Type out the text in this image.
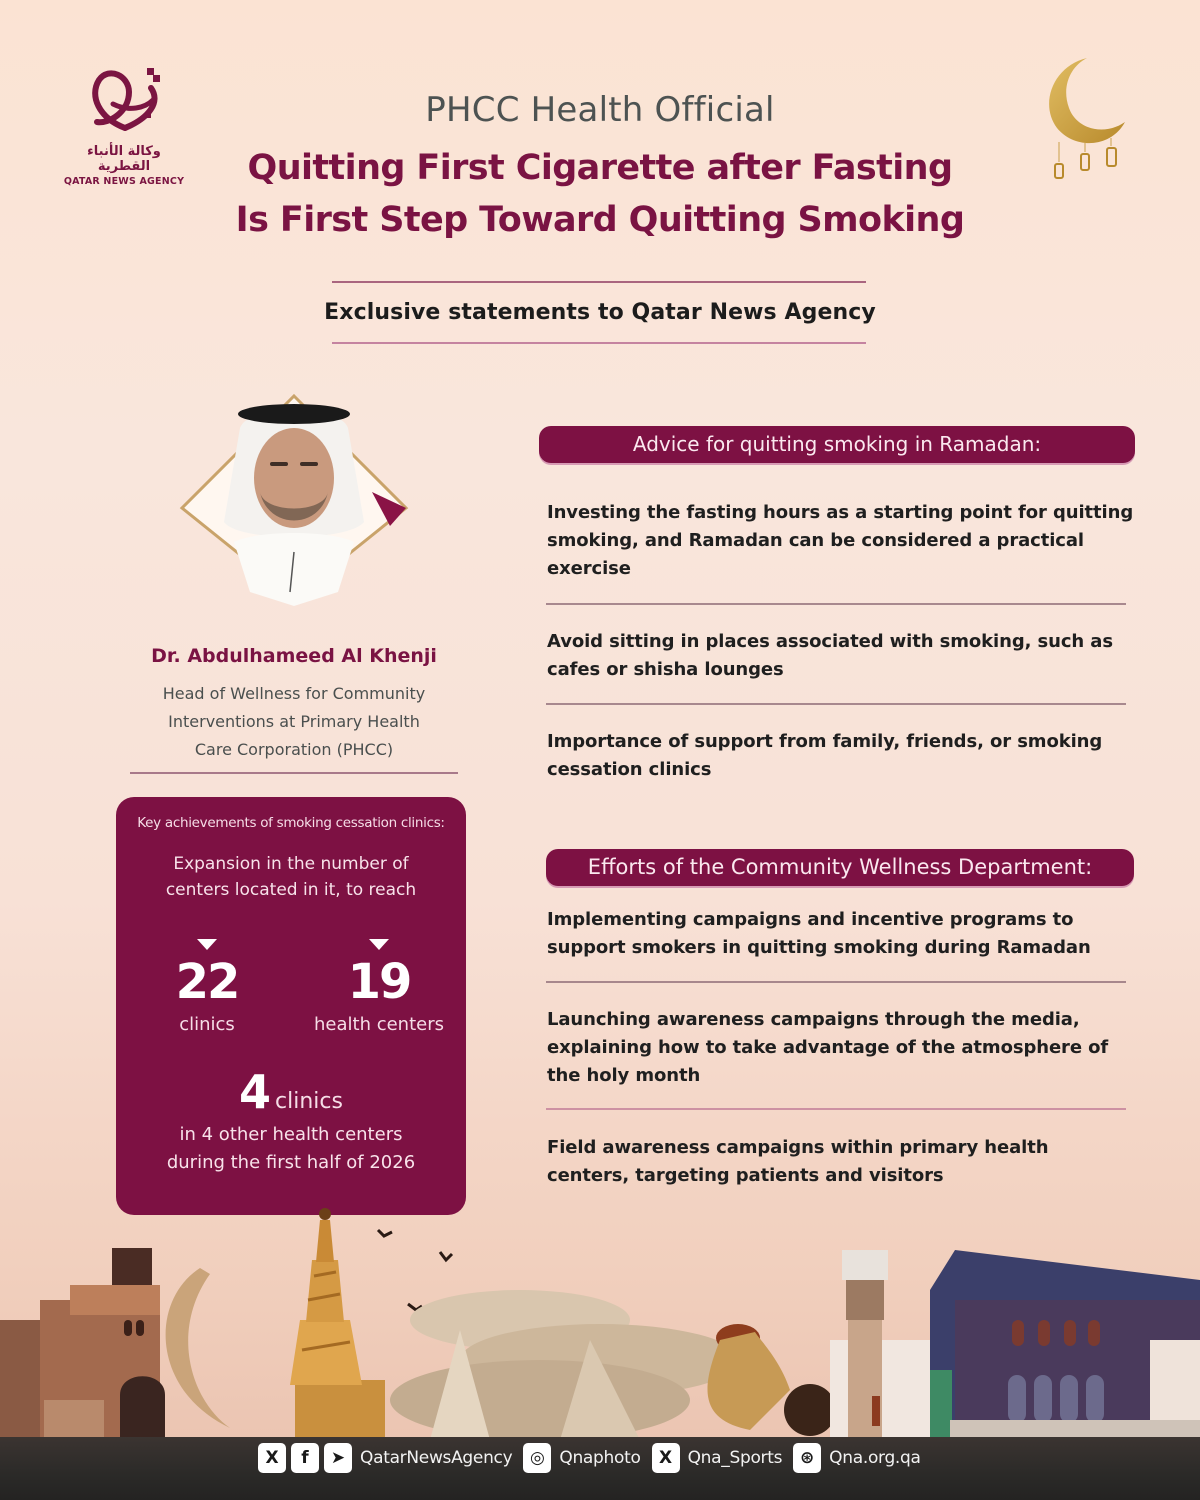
وكالة الأنباء القطرية
QATAR NEWS AGENCY
PHCC Health Official
Quitting First Cigarette after Fasting
Is First Step Toward Quitting Smoking
Exclusive statements to Qatar News Agency
Dr. Abdulhameed Al Khenji
Head of Wellness for Community
Interventions at Primary Health
Care Corporation (PHCC)
Key achievements of smoking cessation clinics:
Expansion in the number of
centers located in it, to reach
22
clinics
19
health centers
4 clinics
in 4 other health centers
during the first half of 2026
Advice for quitting smoking in Ramadan:
Investing the fasting hours as a starting point for quitting
smoking, and Ramadan can be considered a practical
exercise
Avoid sitting in places associated with smoking, such as
cafes or shisha lounges
Importance of support from family, friends, or smoking
cessation clinics
Efforts of the Community Wellness Department:
Implementing campaigns and incentive programs to
support smokers in quitting smoking during Ramadan
Launching awareness campaigns through the media,
explaining how to take advantage of the atmosphere of
the holy month
Field awareness campaigns within primary health
centers, targeting patients and visitors
X	f	➤ QatarNewsAgency	◎ Qnaphoto	X Qna_Sports	⊛ Qna.org.qa
